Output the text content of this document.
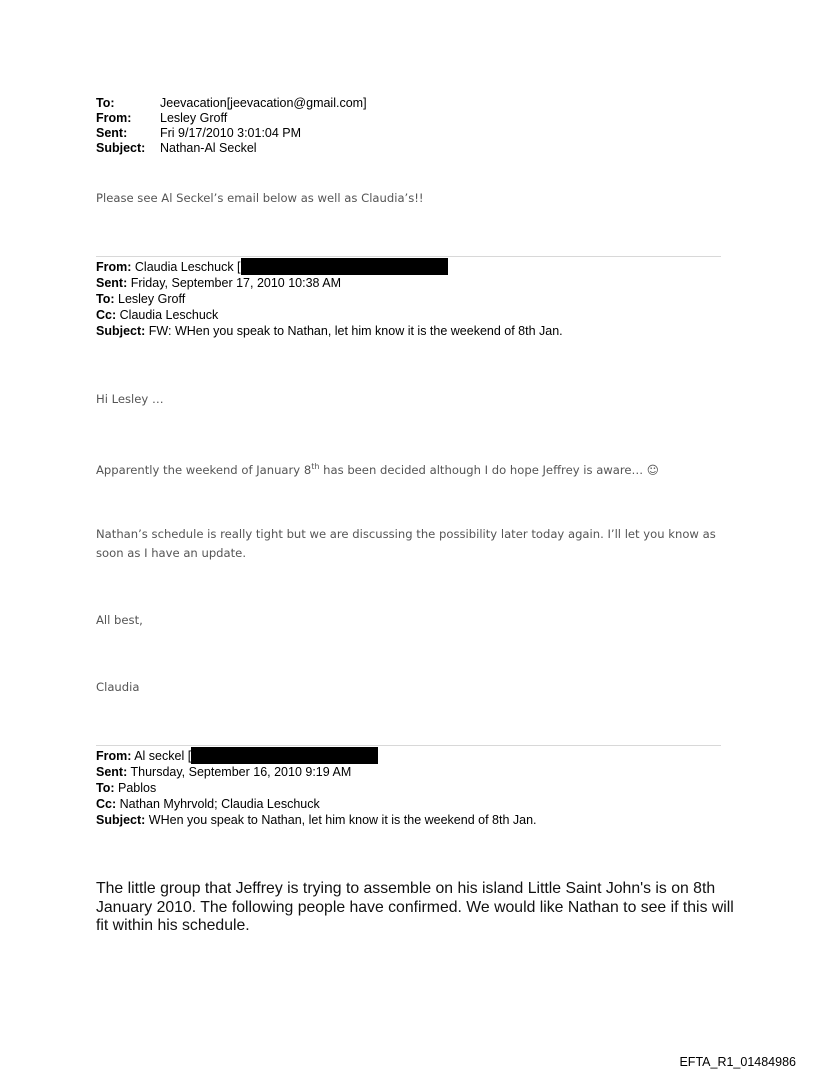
To:	Jeevacation[jeevacation@gmail.com]
From:	Lesley Groff
Sent:	Fri 9/17/2010 3:01:04 PM
Subject:	Nathan-Al Seckel
Please see Al Seckel’s email below as well as Claudia’s!!
From: Claudia Leschuck [
Sent: Friday, September 17, 2010 10:38 AM
To: Lesley Groff
Cc: Claudia Leschuck
Subject: FW: WHen you speak to Nathan, let him know it is the weekend of 8th Jan.
Hi Lesley …
Apparently the weekend of January 8th has been decided although I do hope Jeffrey is aware… ☺
Nathan’s schedule is really tight but we are discussing the possibility later today again. I’ll let you know as soon as I have an update.
All best,
Claudia
From: Al seckel [
Sent: Thursday, September 16, 2010 9:19 AM
To: Pablos
Cc: Nathan Myhrvold; Claudia Leschuck
Subject: WHen you speak to Nathan, let him know it is the weekend of 8th Jan.
The little group that Jeffrey is trying to assemble on his island Little Saint John's is on 8th January 2010. The following people have confirmed. We would like Nathan to see if this will fit within his schedule.
EFTA_R1_01484986
